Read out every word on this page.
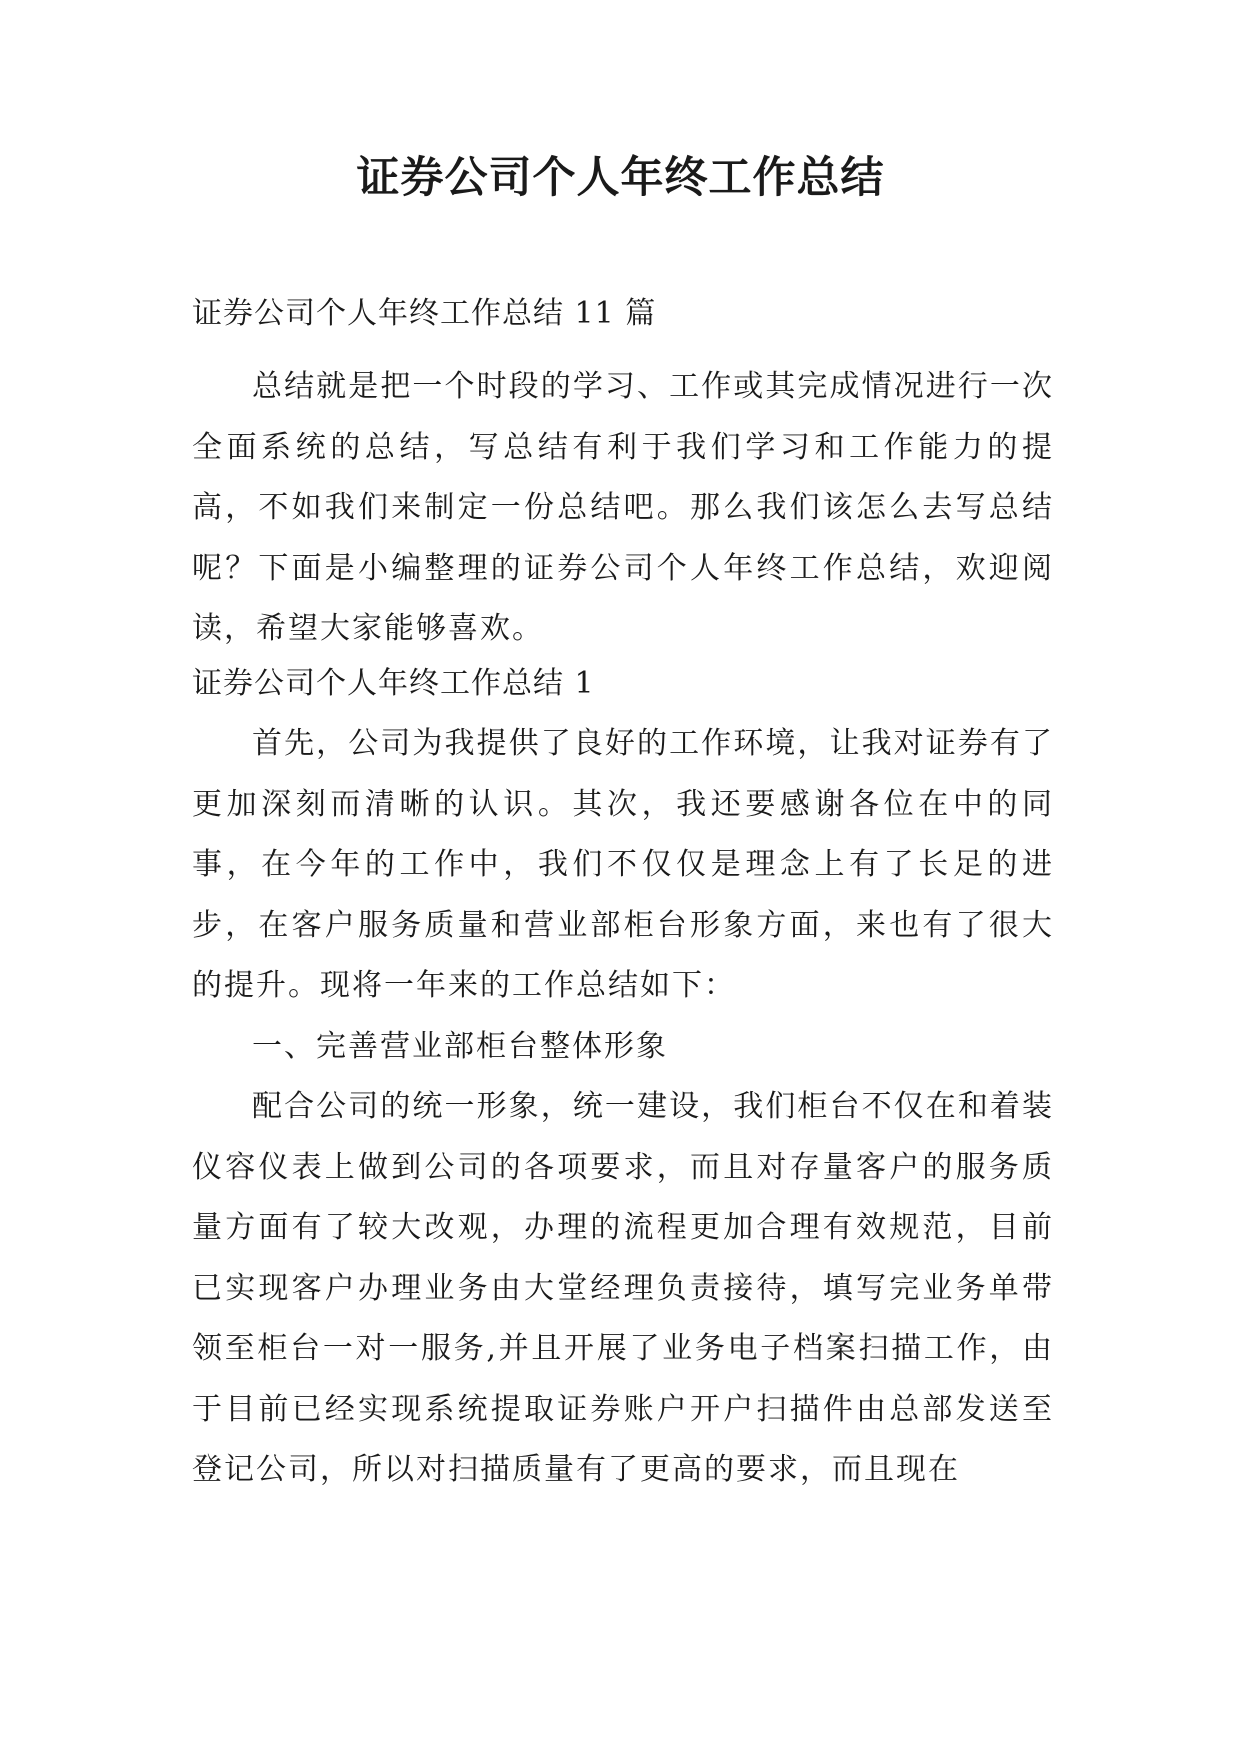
证券公司个人年终工作总结

证券公司个人年终工作总结 11 篇

总结就是把一个时段的学习、工作或其完成情况进行一次全面系统的总结，写总结有利于我们学习和工作能力的提高，不如我们来制定一份总结吧。那么我们该怎么去写总结呢？下面是小编整理的证券公司个人年终工作总结，欢迎阅读，希望大家能够喜欢。

证券公司个人年终工作总结 1

首先，公司为我提供了良好的工作环境，让我对证券有了更加深刻而清晰的认识。其次，我还要感谢各位在中的同事，在今年的工作中，我们不仅仅是理念上有了长足的进步，在客户服务质量和营业部柜台形象方面，来也有了很大的提升。现将一年来的工作总结如下：

一、完善营业部柜台整体形象

配合公司的统一形象，统一建设，我们柜台不仅在和着装仪容仪表上做到公司的各项要求，而且对存量客户的服务质量方面有了较大改观，办理的流程更加合理有效规范，目前已实现客户办理业务由大堂经理负责接待，填写完业务单带领至柜台一对一服务,并且开展了业务电子档案扫描工作，由于目前已经实现系统提取证券账户开户扫描件由总部发送至登记公司，所以对扫描质量有了更高的要求，而且现在
